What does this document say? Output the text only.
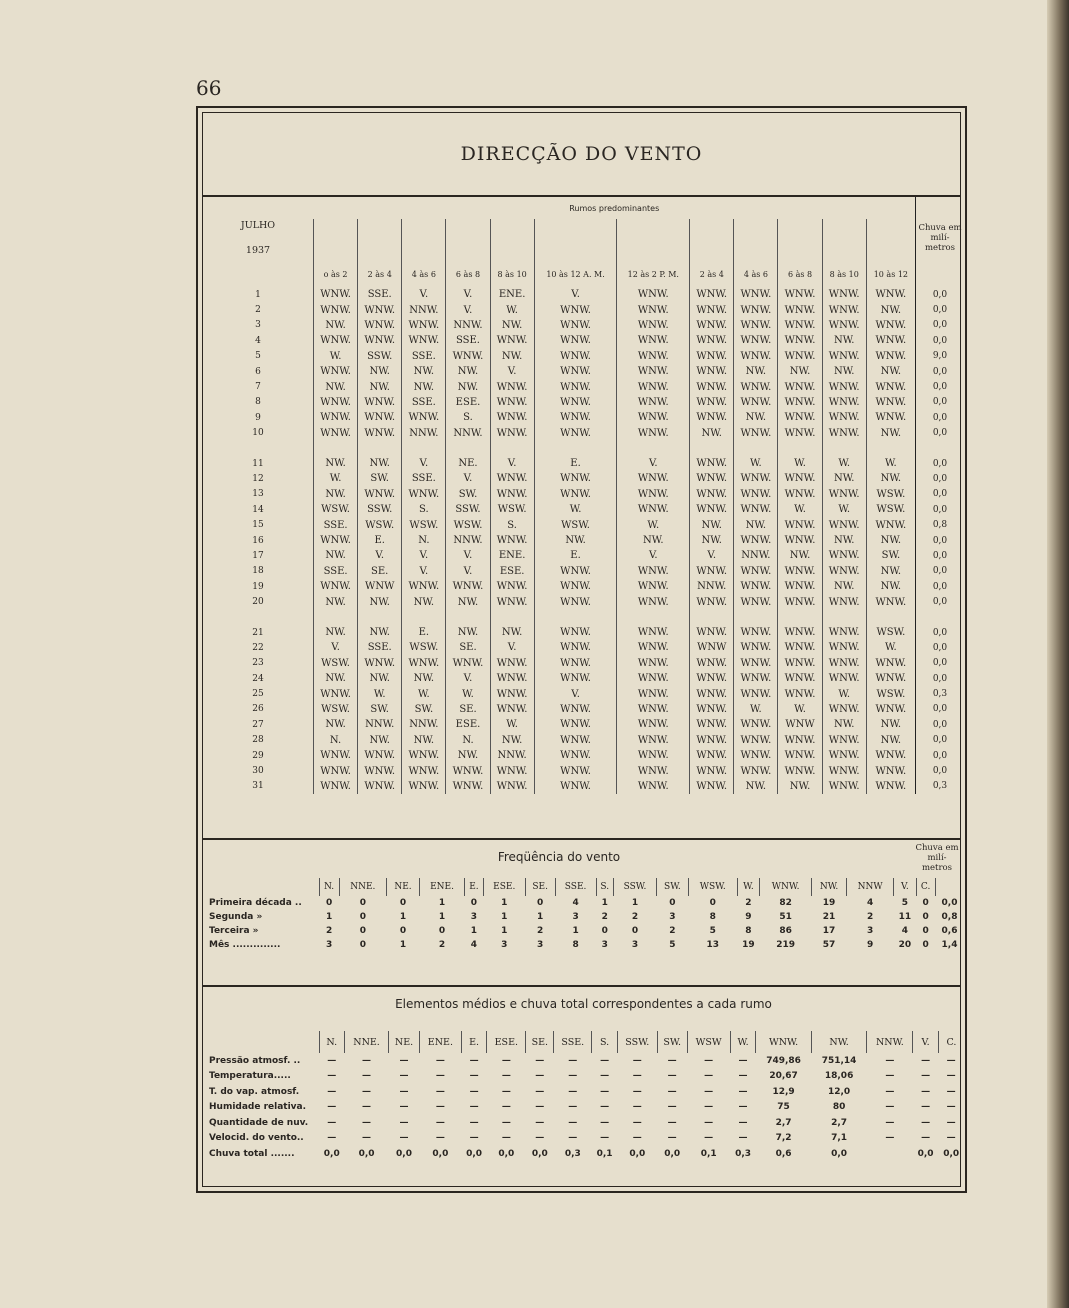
66
DIRECÇÃO DO VENTO
JULHO
1937	Rumos predominantes												Chuva em milí- metros
	o às 2	2 às 4	4 às 6	6 às 8	8 às 10	10 às 12 A. M.	12 às 2 P. M.	2 às 4	4 às 6	6 às 8	8 às 10	10 às 12	
1	WNW.	SSE.	V.	V.	ENE.	V.	WNW.	WNW.	WNW.	WNW.	WNW.	WNW.	0,0
2	WNW.	WNW.	NNW.	V.	W.	WNW.	WNW.	WNW.	WNW.	WNW.	WNW.	NW.	0,0
3	NW.	WNW.	WNW.	NNW.	NW.	WNW.	WNW.	WNW.	WNW.	WNW.	WNW.	WNW.	0,0
4	WNW.	WNW.	WNW.	SSE.	WNW.	WNW.	WNW.	WNW.	WNW.	WNW.	NW.	WNW.	0,0
5	W.	SSW.	SSE.	WNW.	NW.	WNW.	WNW.	WNW.	WNW.	WNW.	WNW.	WNW.	9,0
6	WNW.	NW.	NW.	NW.	V.	WNW.	WNW.	WNW.	NW.	NW.	NW.	NW.	0,0
7	NW.	NW.	NW.	NW.	WNW.	WNW.	WNW.	WNW.	WNW.	WNW.	WNW.	WNW.	0,0
8	WNW.	WNW.	SSE.	ESE.	WNW.	WNW.	WNW.	WNW.	WNW.	WNW.	WNW.	WNW.	0,0
9	WNW.	WNW.	WNW.	S.	WNW.	WNW.	WNW.	WNW.	NW.	WNW.	WNW.	WNW.	0,0
10	WNW.	WNW.	NNW.	NNW.	WNW.	WNW.	WNW.	NW.	WNW.	WNW.	WNW.	NW.	0,0

11	NW.	NW.	V.	NE.	V.	E.	V.	WNW.	W.	W.	W.	W.	0,0
12	W.	SW.	SSE.	V.	WNW.	WNW.	WNW.	WNW.	WNW.	WNW.	NW.	NW.	0,0
13	NW.	WNW.	WNW.	SW.	WNW.	WNW.	WNW.	WNW.	WNW.	WNW.	WNW.	WSW.	0,0
14	WSW.	SSW.	S.	SSW.	WSW.	W.	WNW.	WNW.	WNW.	W.	W.	WSW.	0,0
15	SSE.	WSW.	WSW.	WSW.	S.	WSW.	W.	NW.	NW.	WNW.	WNW.	WNW.	0,8
16	WNW.	E.	N.	NNW.	WNW.	NW.	NW.	NW.	WNW.	WNW.	NW.	NW.	0,0
17	NW.	V.	V.	V.	ENE.	E.	V.	V.	NNW.	NW.	WNW.	SW.	0,0
18	SSE.	SE.	V.	V.	ESE.	WNW.	WNW.	WNW.	WNW.	WNW.	WNW.	NW.	0,0
19	WNW.	WNW	WNW.	WNW.	WNW.	WNW.	WNW.	NNW.	WNW.	WNW.	NW.	NW.	0,0
20	NW.	NW.	NW.	NW.	WNW.	WNW.	WNW.	WNW.	WNW.	WNW.	WNW.	WNW.	0,0

21	NW.	NW.	E.	NW.	NW.	WNW.	WNW.	WNW.	WNW.	WNW.	WNW.	WSW.	0,0
22	V.	SSE.	WSW.	SE.	V.	WNW.	WNW.	WNW	WNW.	WNW.	WNW.	W.	0,0
23	WSW.	WNW.	WNW.	WNW.	WNW.	WNW.	WNW.	WNW.	WNW.	WNW.	WNW.	WNW.	0,0
24	NW.	NW.	NW.	V.	WNW.	WNW.	WNW.	WNW.	WNW.	WNW.	WNW.	WNW.	0,0
25	WNW.	W.	W.	W.	WNW.	V.	WNW.	WNW.	WNW.	WNW.	W.	WSW.	0,3
26	WSW.	SW.	SW.	SE.	WNW.	WNW.	WNW.	WNW.	W.	W.	WNW.	WNW.	0,0
27	NW.	NNW.	NNW.	ESE.	W.	WNW.	WNW.	WNW.	WNW.	WNW	NW.	NW.	0,0
28	N.	NW.	NW.	N.	NW.	WNW.	WNW.	WNW.	WNW.	WNW.	WNW.	NW.	0,0
29	WNW.	WNW.	WNW.	NW.	NNW.	WNW.	WNW.	WNW.	WNW.	WNW.	WNW.	WNW.	0,0
30	WNW.	WNW.	WNW.	WNW.	WNW.	WNW.	WNW.	WNW.	WNW.	WNW.	WNW.	WNW.	0,0
31	WNW.	WNW.	WNW.	WNW.	WNW.	WNW.	WNW.	WNW.	NW.	NW.	WNW.	WNW.	0,3
Freqüência do vento
Chuva em milí- metros
	N.	NNE.	NE.	ENE.	E.	ESE.	SE.	SSE.	S.	SSW.	SW.	WSW.	W.	WNW.	NW.	NNW	V.	C.	
Primeira década ..	0	0	0	1	0	1	0	4	1	1	0	0	2	82	19	4	5	0	0,0
Segunda »	1	0	1	1	3	1	1	3	2	2	3	8	9	51	21	2	11	0	0,8
Terceira »	2	0	0	0	1	1	2	1	0	0	2	5	8	86	17	3	4	0	0,6
Mês ..............	3	0	1	2	4	3	3	8	3	3	5	13	19	219	57	9	20	0	1,4
Elementos médios e chuva total correspondentes a cada rumo
	N.	NNE.	NE.	ENE.	E.	ESE.	SE.	SSE.	S.	SSW.	SW.	WSW	W.	WNW.	NW.	NNW.	V.	C.
Pressão atmosf. ..	—	—	—	—	—	—	—	—	—	—	—	—	—	749,86	751,14	—	—	—
Temperatura.....	—	—	—	—	—	—	—	—	—	—	—	—	—	20,67	18,06	—	—	—
T. do vap. atmosf.	—	—	—	—	—	—	—	—	—	—	—	—	—	12,9	12,0	—	—	—
Humidade relativa.	—	—	—	—	—	—	—	—	—	—	—	—	—	75	80	—	—	—
Quantidade de nuv.	—	—	—	—	—	—	—	—	—	—	—	—	—	2,7	2,7	—	—	—
Velocid. do vento..	—	—	—	—	—	—	—	—	—	—	—	—	—	7,2	7,1	—	—	—
Chuva total .......	0,0	0,0	0,0	0,0	0,0	0,0	0,0	0,3	0,1	0,0	0,0	0,1	0,3	0,6	0,0		0,0	0,0
